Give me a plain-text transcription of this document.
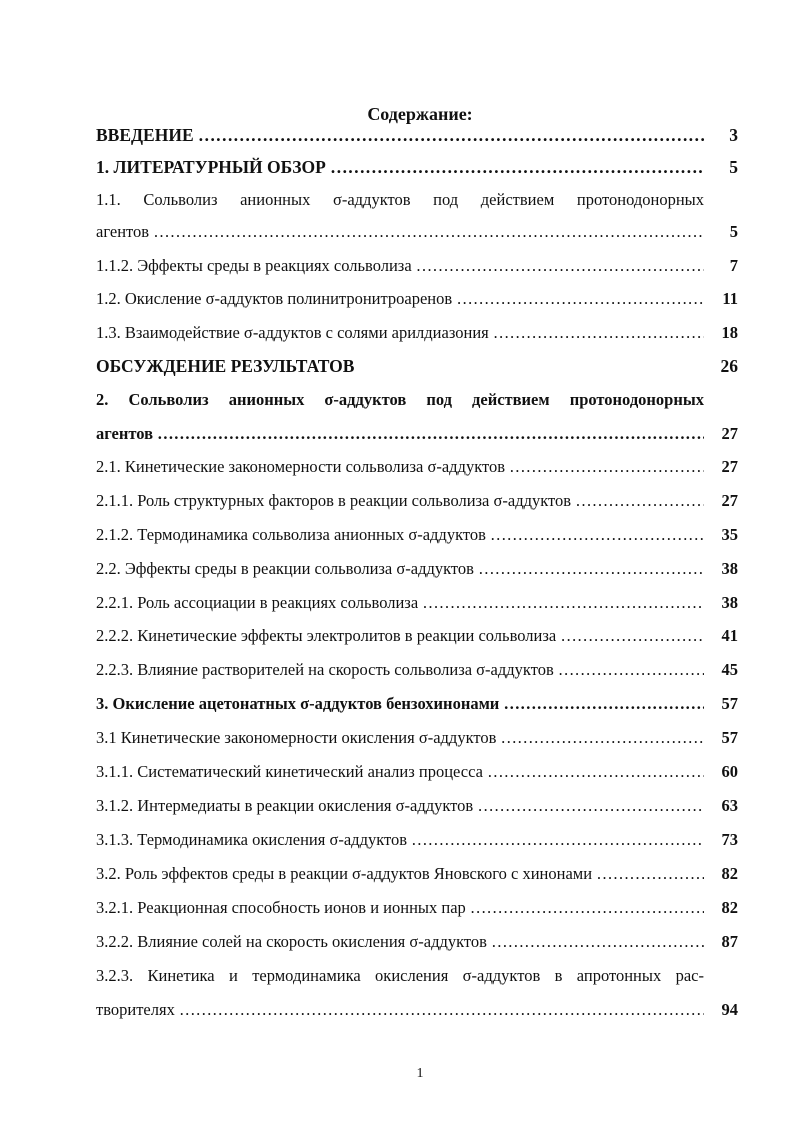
Содержание:
ВВЕДЕНИЕ ……………………………………………………………………………………………………………………………………………………………	3
1. ЛИТЕРАТУРНЫЙ ОБЗОР ……………………………………………………………………………………………………………………………………………………………	5
1.1. Сольволиз анионных σ-аддуктов под действием протонодонорных
агентов ……………………………………………………………………………………………………………………………………………………………	5
1.1.2. Эффекты среды в реакциях сольволиза ……………………………………………………………………………………………………………………………………………………………	7
1.2. Окисление σ-аддуктов полинитронитроаренов ……………………………………………………………………………………………………………………………………………………………	11
1.3. Взаимодействие σ-аддуктов с солями арилдиазония ……………………………………………………………………………………………………………………………………………………………	18
ОБСУЖДЕНИЕ РЕЗУЛЬТАТОВ	26
2. Сольволиз анионных σ-аддуктов под действием протонодонорных
агентов ……………………………………………………………………………………………………………………………………………………………	27
2.1. Кинетические закономерности сольволиза σ-аддуктов ……………………………………………………………………………………………………………………………………………………………	27
2.1.1. Роль структурных факторов в реакции сольволиза σ-аддуктов ……………………………………………………………………………………………………………………………………………………………	27
2.1.2. Термодинамика сольволиза анионных σ-аддуктов ……………………………………………………………………………………………………………………………………………………………	35
2.2. Эффекты среды в реакции сольволиза σ-аддуктов ……………………………………………………………………………………………………………………………………………………………	38
2.2.1. Роль ассоциации в реакциях сольволиза ……………………………………………………………………………………………………………………………………………………………	38
2.2.2. Кинетические эффекты электролитов в реакции сольволиза ……………………………………………………………………………………………………………………………………………………………	41
2.2.3. Влияние растворителей на скорость сольволиза σ-аддуктов ……………………………………………………………………………………………………………………………………………………………	45
3. Окисление ацетонатных σ-аддуктов бензохинонами ……………………………………………………………………………………………………………………………………………………………	57
3.1 Кинетические закономерности окисления σ-аддуктов ……………………………………………………………………………………………………………………………………………………………	57
3.1.1. Систематический кинетический анализ процесса ……………………………………………………………………………………………………………………………………………………………	60
3.1.2. Интермедиаты в реакции окисления σ-аддуктов ……………………………………………………………………………………………………………………………………………………………	63
3.1.3. Термодинамика окисления σ-аддуктов ……………………………………………………………………………………………………………………………………………………………	73
3.2. Роль эффектов среды в реакции σ-аддуктов Яновского с хинонами ……………………………………………………………………………………………………………………………………………………………	82
3.2.1. Реакционная способность ионов и ионных пар ……………………………………………………………………………………………………………………………………………………………	82
3.2.2. Влияние солей на скорость окисления σ-аддуктов ……………………………………………………………………………………………………………………………………………………………	87
3.2.3. Кинетика и термодинамика окисления σ-аддуктов в апротонных рас-
творителях ……………………………………………………………………………………………………………………………………………………………	94
1
